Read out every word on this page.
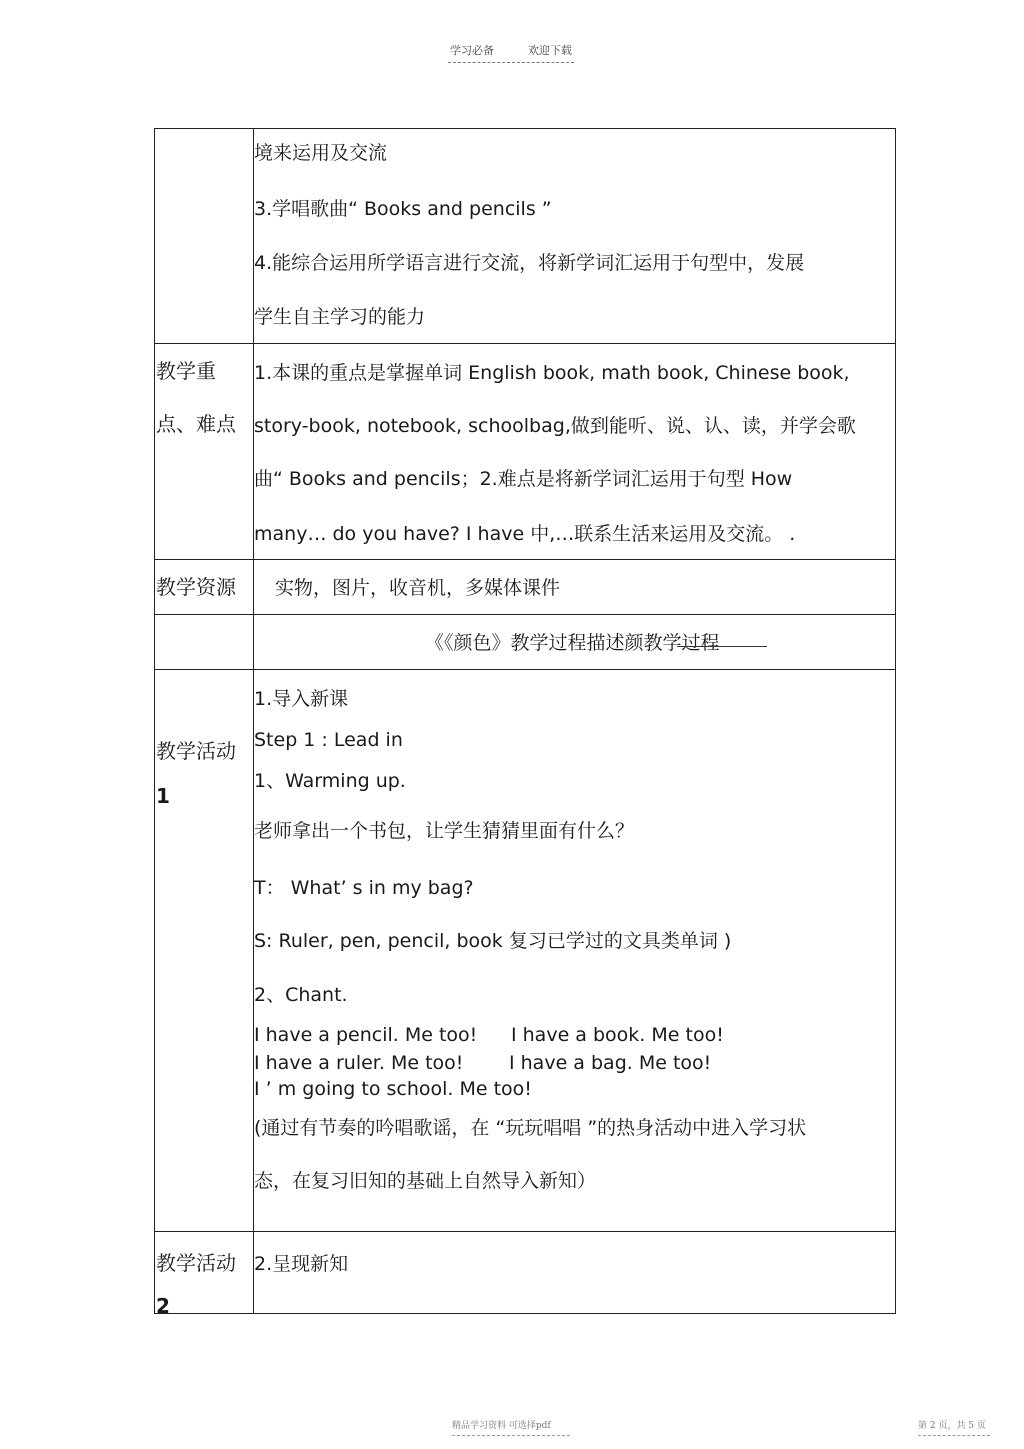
学习必备	欢迎下载
境来运用及交流
3.学唱歌曲“ Books and pencils ”
4.能综合运用所学语言进行交流，将新学词汇运用于句型中，发展
学生自主学习的能力
教学重
点、难点
1.本课的重点是掌握单词 English book, math book, Chinese book,
story-book, notebook, schoolbag,做到能听、说、认、读，并学会歌
曲“ Books and pencils；2.难点是将新学词汇运用于句型 How
many… do you have? I have 中,…联系生活来运用及交流。 .
教学资源 实物，图片，收音机，多媒体课件
《《颜色》教学过程描述颜教学过程
教学活动
1
1.导入新课
Step 1 : Lead in
1、Warming up.
老师拿出一个书包，让学生猜猜里面有什么？
T： What’ s in my bag?
S: Ruler, pen, pencil, book 复习已学过的文具类单词 )
2、Chant.
I have a pencil. Me too! I have a book. Me too!
I have a ruler. Me too! I have a bag. Me too!
I ’ m going to school. Me too!
(通过有节奏的吟唱歌谣，在 “玩玩唱唱 ”的热身活动中进入学习状
态，在复习旧知的基础上自然导入新知）
教学活动
2
2.呈现新知
精品学习资料 可选择pdf	第 2 页，共 5 页
